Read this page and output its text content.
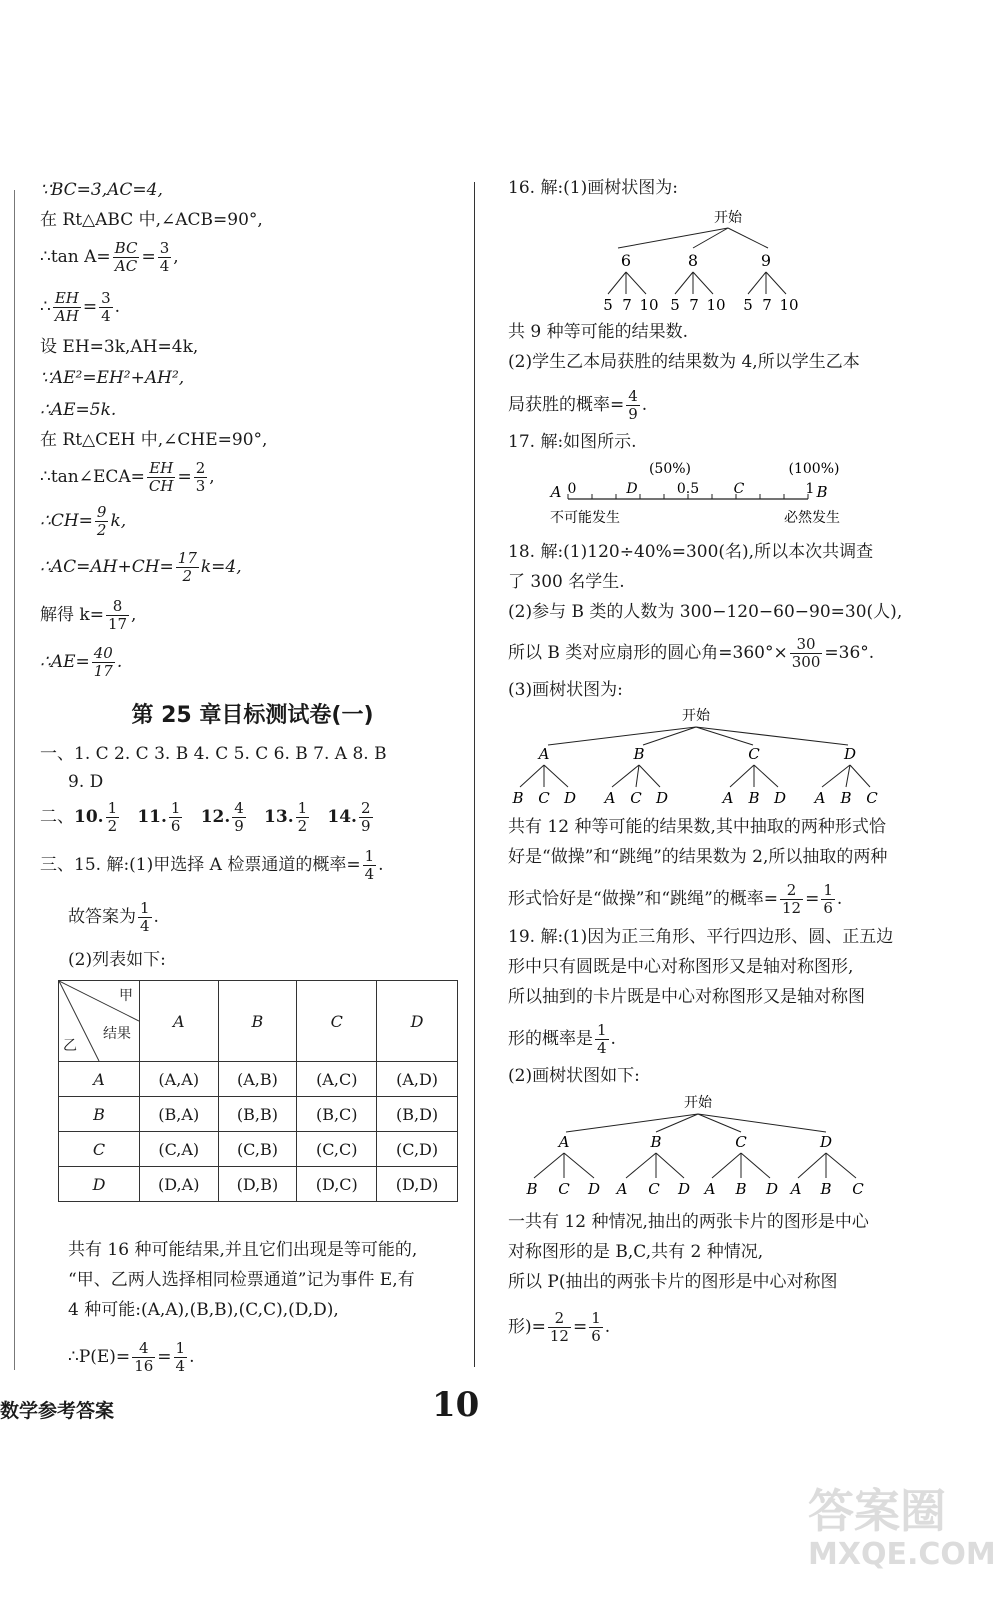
∵BC=3,AC=4,
在 Rt△ABC 中,∠ACB=90°,
∴tan $A= \frac{BC}{AC} = \frac{3}{4}$ ,
∴ $\frac{EH}{AH} = \frac{3}{4}$ .
设 EH=3k,AH=4k,
∵AE²=EH²+AH²,
∴AE=5k.
在 Rt△CEH 中,∠CHE=90°,
∴tan∠ECA= $\frac{EH}{CH} = \frac{2}{3}$ ,
∴CH= $\frac{9}{2} k$,
∴AC=AH+CH= $\frac{17}{2} k=4$,
解得 $k= \frac{8}{17}$ ,
∴AE= $\frac{40}{17}$ .
第 25 章目标测试卷(一)
一、1. C 2. C 3. B 4. C 5. C 6. B 7. A 8. B
9. D
二、10. $\frac{1}{2} 11$. $\frac{1}{6} 12$. $\frac{4}{9} 13$. $\frac{1}{2} 14$. $\frac{2}{9}$
三、15. 解:(1)甲选择 A 检票通道的概率= $\frac{1}{4}$ .
故答案为 $\frac{1}{4}$ .
(2)列表如下:
甲
结果
乙	A	B	C	D
A	(A,A)	(A,B)	(A,C)	(A,D)
B	(B,A)	(B,B)	(B,C)	(B,D)
C	(C,A)	(C,B)	(C,C)	(C,D)
D	(D,A)	(D,B)	(D,C)	(D,D)
共有 16 种可能结果,并且它们出现是等可能的,
“甲、乙两人选择相同检票通道”记为事件 E,有
4 种可能:(A,A),(B,B),(C,C),(D,D),
∴P(E)= $\frac{4}{16} = \frac{1}{4}$ .
16. 解:(1)画树状图为:
开始
6	8	9
5 7 10 5 7 10 5 7 10
共 9 种等可能的结果数.
(2)学生乙本局获胜的结果数为 4,所以学生乙本
局获胜的概率= $\frac{4}{9}$ .
17. 解:如图所示.
(50%)	(100%)
A 0	D	0.5 C	1 B
不可能发生	必然发生
18. 解:(1)120÷40%=300(名),所以本次共调查
了 300 名学生.
(2)参与 B 类的人数为 300−120−60−90=30(人),
所以 B 类对应扇形的圆心角$=360^\circ\times \frac{30}{300} =36^\circ$.
(3)画树状图为:
开始
A	B	C	D
B C D A C D	A B D A B C
共有 12 种等可能的结果数,其中抽取的两种形式恰
好是“做操”和“跳绳”的结果数为 2,所以抽取的两种
形式恰好是“做操”和“跳绳”的概率= $\frac{2}{12} = \frac{1}{6}$ .
19. 解:(1)因为正三角形、平行四边形、圆、正五边
形中只有圆既是中心对称图形又是轴对称图形,
所以抽到的卡片既是中心对称图形又是轴对称图
形的概率是 $\frac{1}{4}$ .
(2)画树状图如下:
开始
A	B	C	D
B C D A C D A B D A B C
一共有 12 种情况,抽出的两张卡片的图形是中心
对称图形的是 B,C,共有 2 种情况,
所以 P(抽出的两张卡片的图形是中心对称图
形)= $\frac{2}{12} = \frac{1}{6}$ .
数学参考答案	10
答案圈
MXQE.COM
